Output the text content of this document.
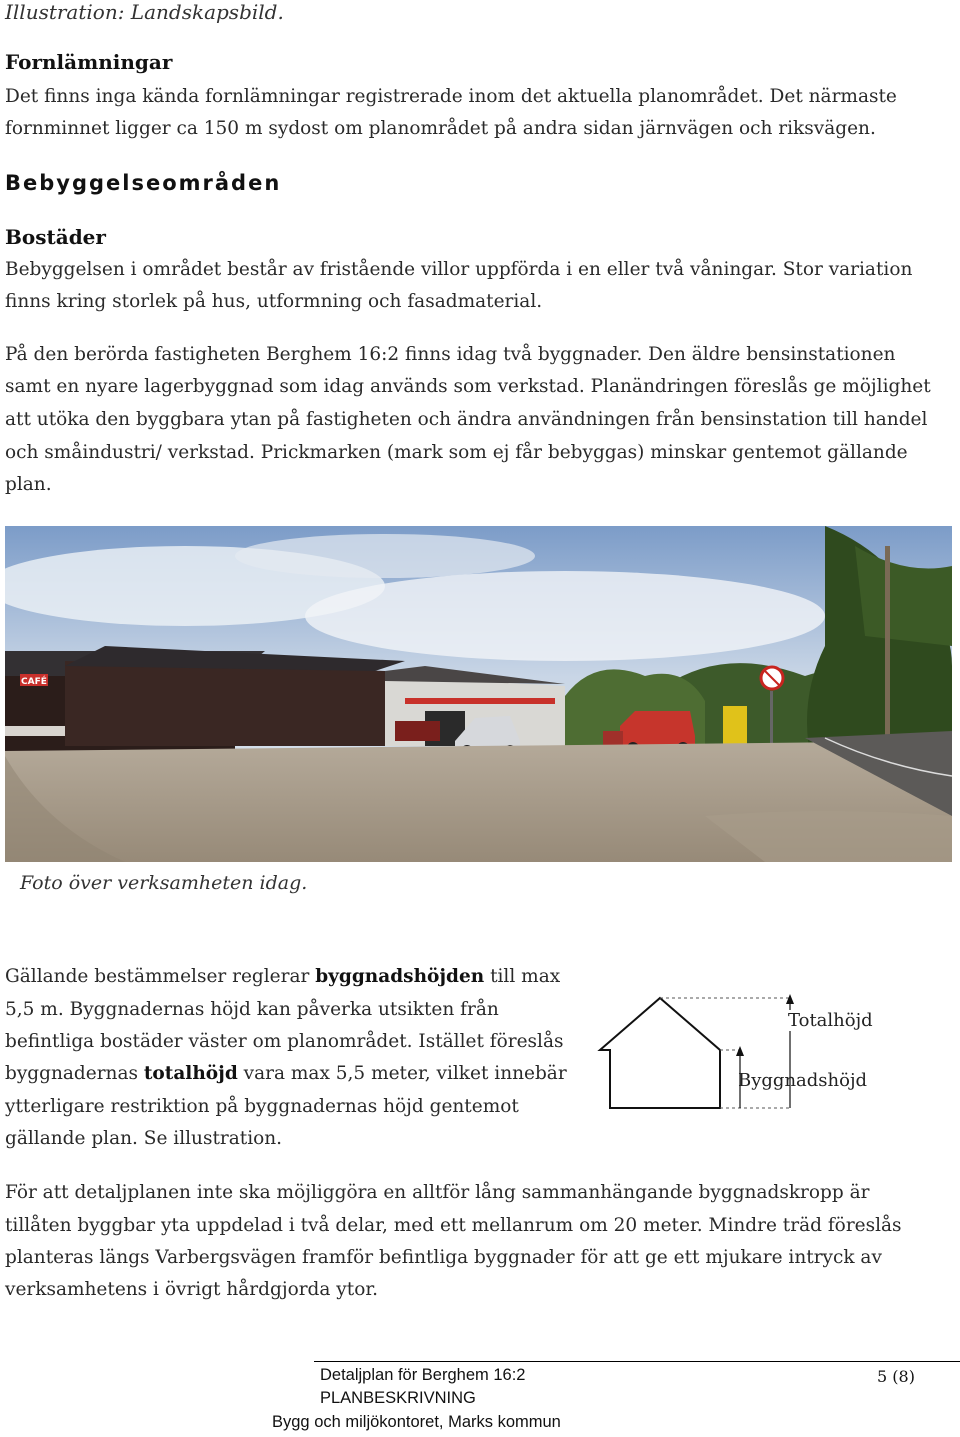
Illustration: Landskapsbild.
Fornlämningar
Det finns inga kända fornlämningar registrerade inom det aktuella planområdet. Det närmaste
fornminnet ligger ca 150 m sydost om planområdet på andra sidan järnvägen och riksvägen.
Bebyggelseområden
Bostäder
Bebyggelsen i området består av fristående villor uppförda i en eller två våningar. Stor variation
finns kring storlek på hus, utformning och fasadmaterial.
På den berörda fastigheten Berghem 16:2 finns idag två byggnader. Den äldre bensinstationen
samt en nyare lagerbyggnad som idag används som verkstad. Planändringen föreslås ge möjlighet
att utöka den byggbara ytan på fastigheten och ändra användningen från bensinstation till handel
och småindustri/ verkstad. Prickmarken (mark som ej får bebyggas) minskar gentemot gällande
plan.
CAFÉ
Foto över verksamheten idag.
Gällande bestämmelser reglerar byggnadshöjden till max
5,5 m. Byggnadernas höjd kan påverka utsikten från
befintliga bostäder väster om planområdet. Istället föreslås
byggnadernas totalhöjd vara max 5,5 meter, vilket innebär
ytterligare restriktion på byggnadernas höjd gentemot
gällande plan. Se illustration.
Totalhöjd
Byggnadshöjd
För att detaljplanen inte ska möjliggöra en alltför lång sammanhängande byggnadskropp är
tillåten byggbar yta uppdelad i två delar, med ett mellanrum om 20 meter. Mindre träd föreslås
planteras längs Varbergsvägen framför befintliga byggnader för att ge ett mjukare intryck av
verksamhetens i övrigt hårdgjorda ytor.
Detaljplan för Berghem 16:2
PLANBESKRIVNING
Bygg och miljökontoret, Marks kommun
5 (8)
